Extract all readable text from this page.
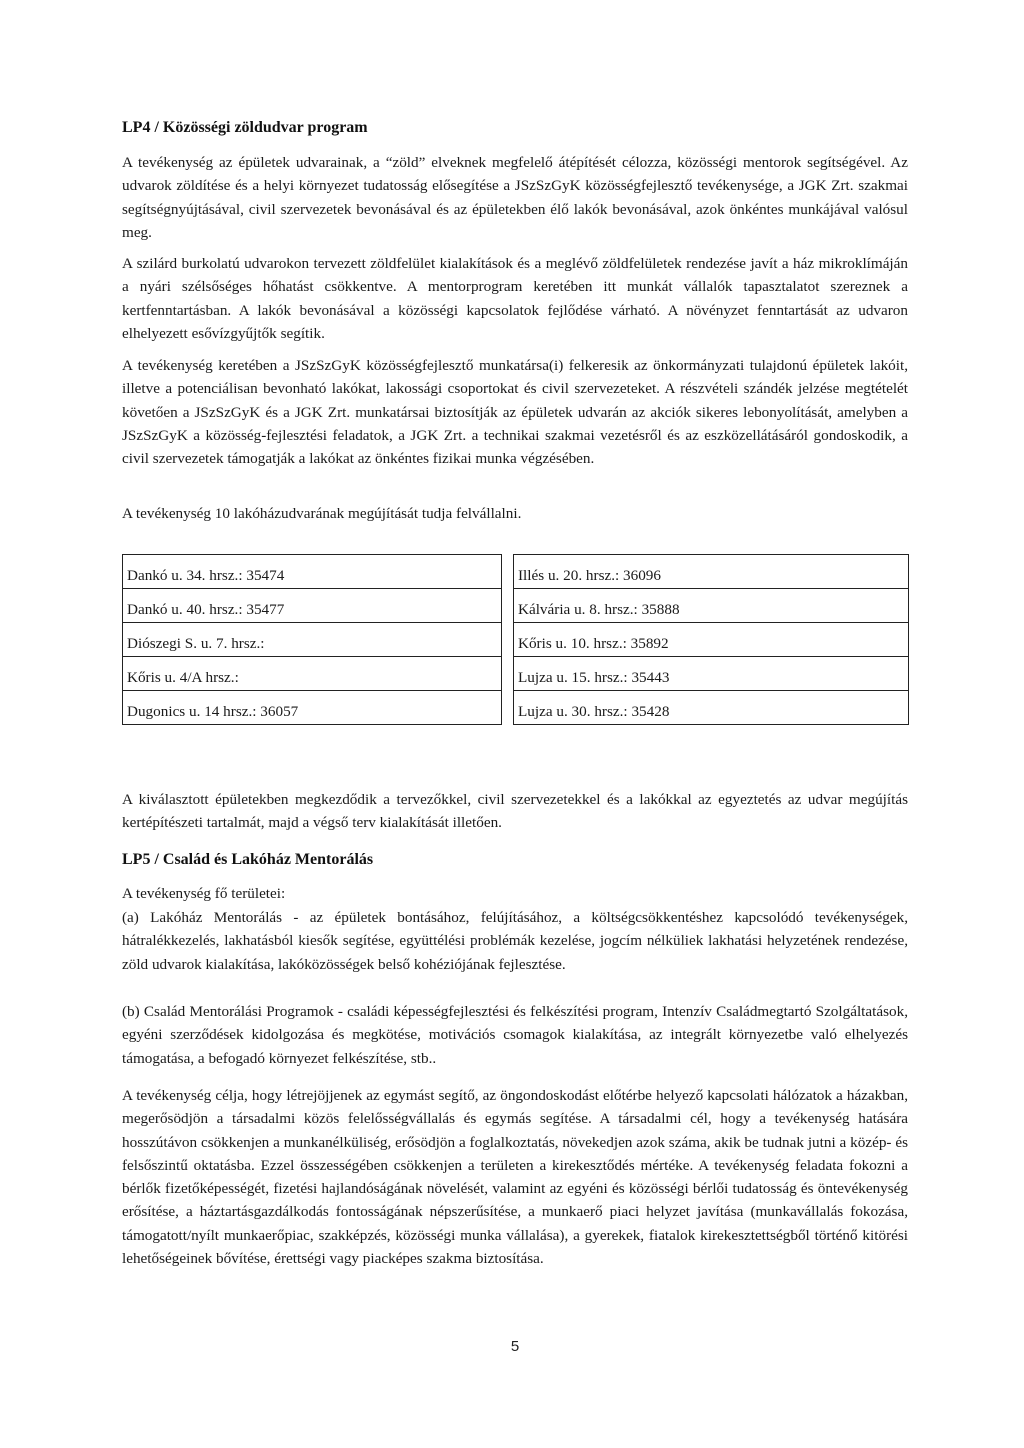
LP4 / Közösségi zöldudvar program

A tevékenység az épületek udvarainak, a “zöld” elveknek megfelelő átépítését célozza, közösségi mentorok segítségével. Az udvarok zöldítése és a helyi környezet tudatosság elősegítése a JSzSzGyK közösségfejlesztő tevékenysége, a JGK Zrt. szakmai segítségnyújtásával, civil szervezetek bevonásával és az épületekben élő lakók bevonásával, azok önkéntes munkájával valósul meg.

A szilárd burkolatú udvarokon tervezett zöldfelület kialakítások és a meglévő zöldfelületek rendezése javít a ház mikroklímáján a nyári szélsőséges hőhatást csökkentve. A mentorprogram keretében itt munkát vállalók tapasztalatot szereznek a kertfenntartásban. A lakók bevonásával a közösségi kapcsolatok fejlődése várható. A növényzet fenntartását az udvaron elhelyezett esővízgyűjtők segítik.

A tevékenység keretében a JSzSzGyK közösségfejlesztő munkatársa(i) felkeresik az önkormányzati tulajdonú épületek lakóit, illetve a potenciálisan bevonható lakókat, lakossági csoportokat és civil szervezeteket. A részvételi szándék jelzése megtételét követően a JSzSzGyK és a JGK Zrt. munkatársai biztosítják az épületek udvarán az akciók sikeres lebonyolítását, amelyben a JSzSzGyK a közösség-fejlesztési feladatok, a JGK Zrt. a technikai szakmai vezetésről és az eszközellátásáról gondoskodik, a civil szervezetek támogatják a lakókat az önkéntes fizikai munka végzésében.

A tevékenység 10 lakóházudvarának megújítását tudja felvállalni.

Dankó u. 34. hrsz.: 35474		Illés u. 20. hrsz.: 36096
Dankó u. 40. hrsz.: 35477		Kálvária u. 8. hrsz.: 35888
Diószegi S. u. 7. hrsz.:		Kőris u. 10. hrsz.: 35892
Kőris u. 4/A hrsz.:		Lujza u. 15. hrsz.: 35443
Dugonics u. 14 hrsz.: 36057		Lujza u. 30. hrsz.: 35428

A kiválasztott épületekben megkezdődik a tervezőkkel, civil szervezetekkel és a lakókkal az egyeztetés az udvar megújítás kertépítészeti tartalmát, majd a végső terv kialakítását illetően.

LP5 / Család és Lakóház Mentorálás

A tevékenység fő területei:

(a) Lakóház Mentorálás - az épületek bontásához, felújításához, a költségcsökkentéshez kapcsolódó tevékenységek, hátralékkezelés, lakhatásból kiesők segítése, együttélési problémák kezelése, jogcím nélküliek lakhatási helyzetének rendezése, zöld udvarok kialakítása, lakóközösségek belső kohéziójának fejlesztése.

(b) Család Mentorálási Programok - családi képességfejlesztési és felkészítési program, Intenzív Családmegtartó Szolgáltatások, egyéni szerződések kidolgozása és megkötése, motivációs csomagok kialakítása, az integrált környezetbe való elhelyezés támogatása, a befogadó környezet felkészítése, stb..

A tevékenység célja, hogy létrejöjjenek az egymást segítő, az öngondoskodást előtérbe helyező kapcsolati hálózatok a házakban, megerősödjön a társadalmi közös felelősségvállalás és egymás segítése. A társadalmi cél, hogy a tevékenység hatására hosszútávon csökkenjen a munkanélküliség, erősödjön a foglalkoztatás, növekedjen azok száma, akik be tudnak jutni a közép- és felsőszintű oktatásba. Ezzel összességében csökkenjen a területen a kirekesztődés mértéke. A tevékenység feladata fokozni a bérlők fizetőképességét, fizetési hajlandóságának növelését, valamint az egyéni és közösségi bérlői tudatosság és öntevékenység erősítése, a háztartásgazdálkodás fontosságának népszerűsítése, a munkaerő piaci helyzet javítása (munkavállalás fokozása, támogatott/nyílt munkaerőpiac, szakképzés, közösségi munka vállalása), a gyerekek, fiatalok kirekesztettségből történő kitörési lehetőségeinek bővítése, érettségi vagy piacképes szakma biztosítása.

5
